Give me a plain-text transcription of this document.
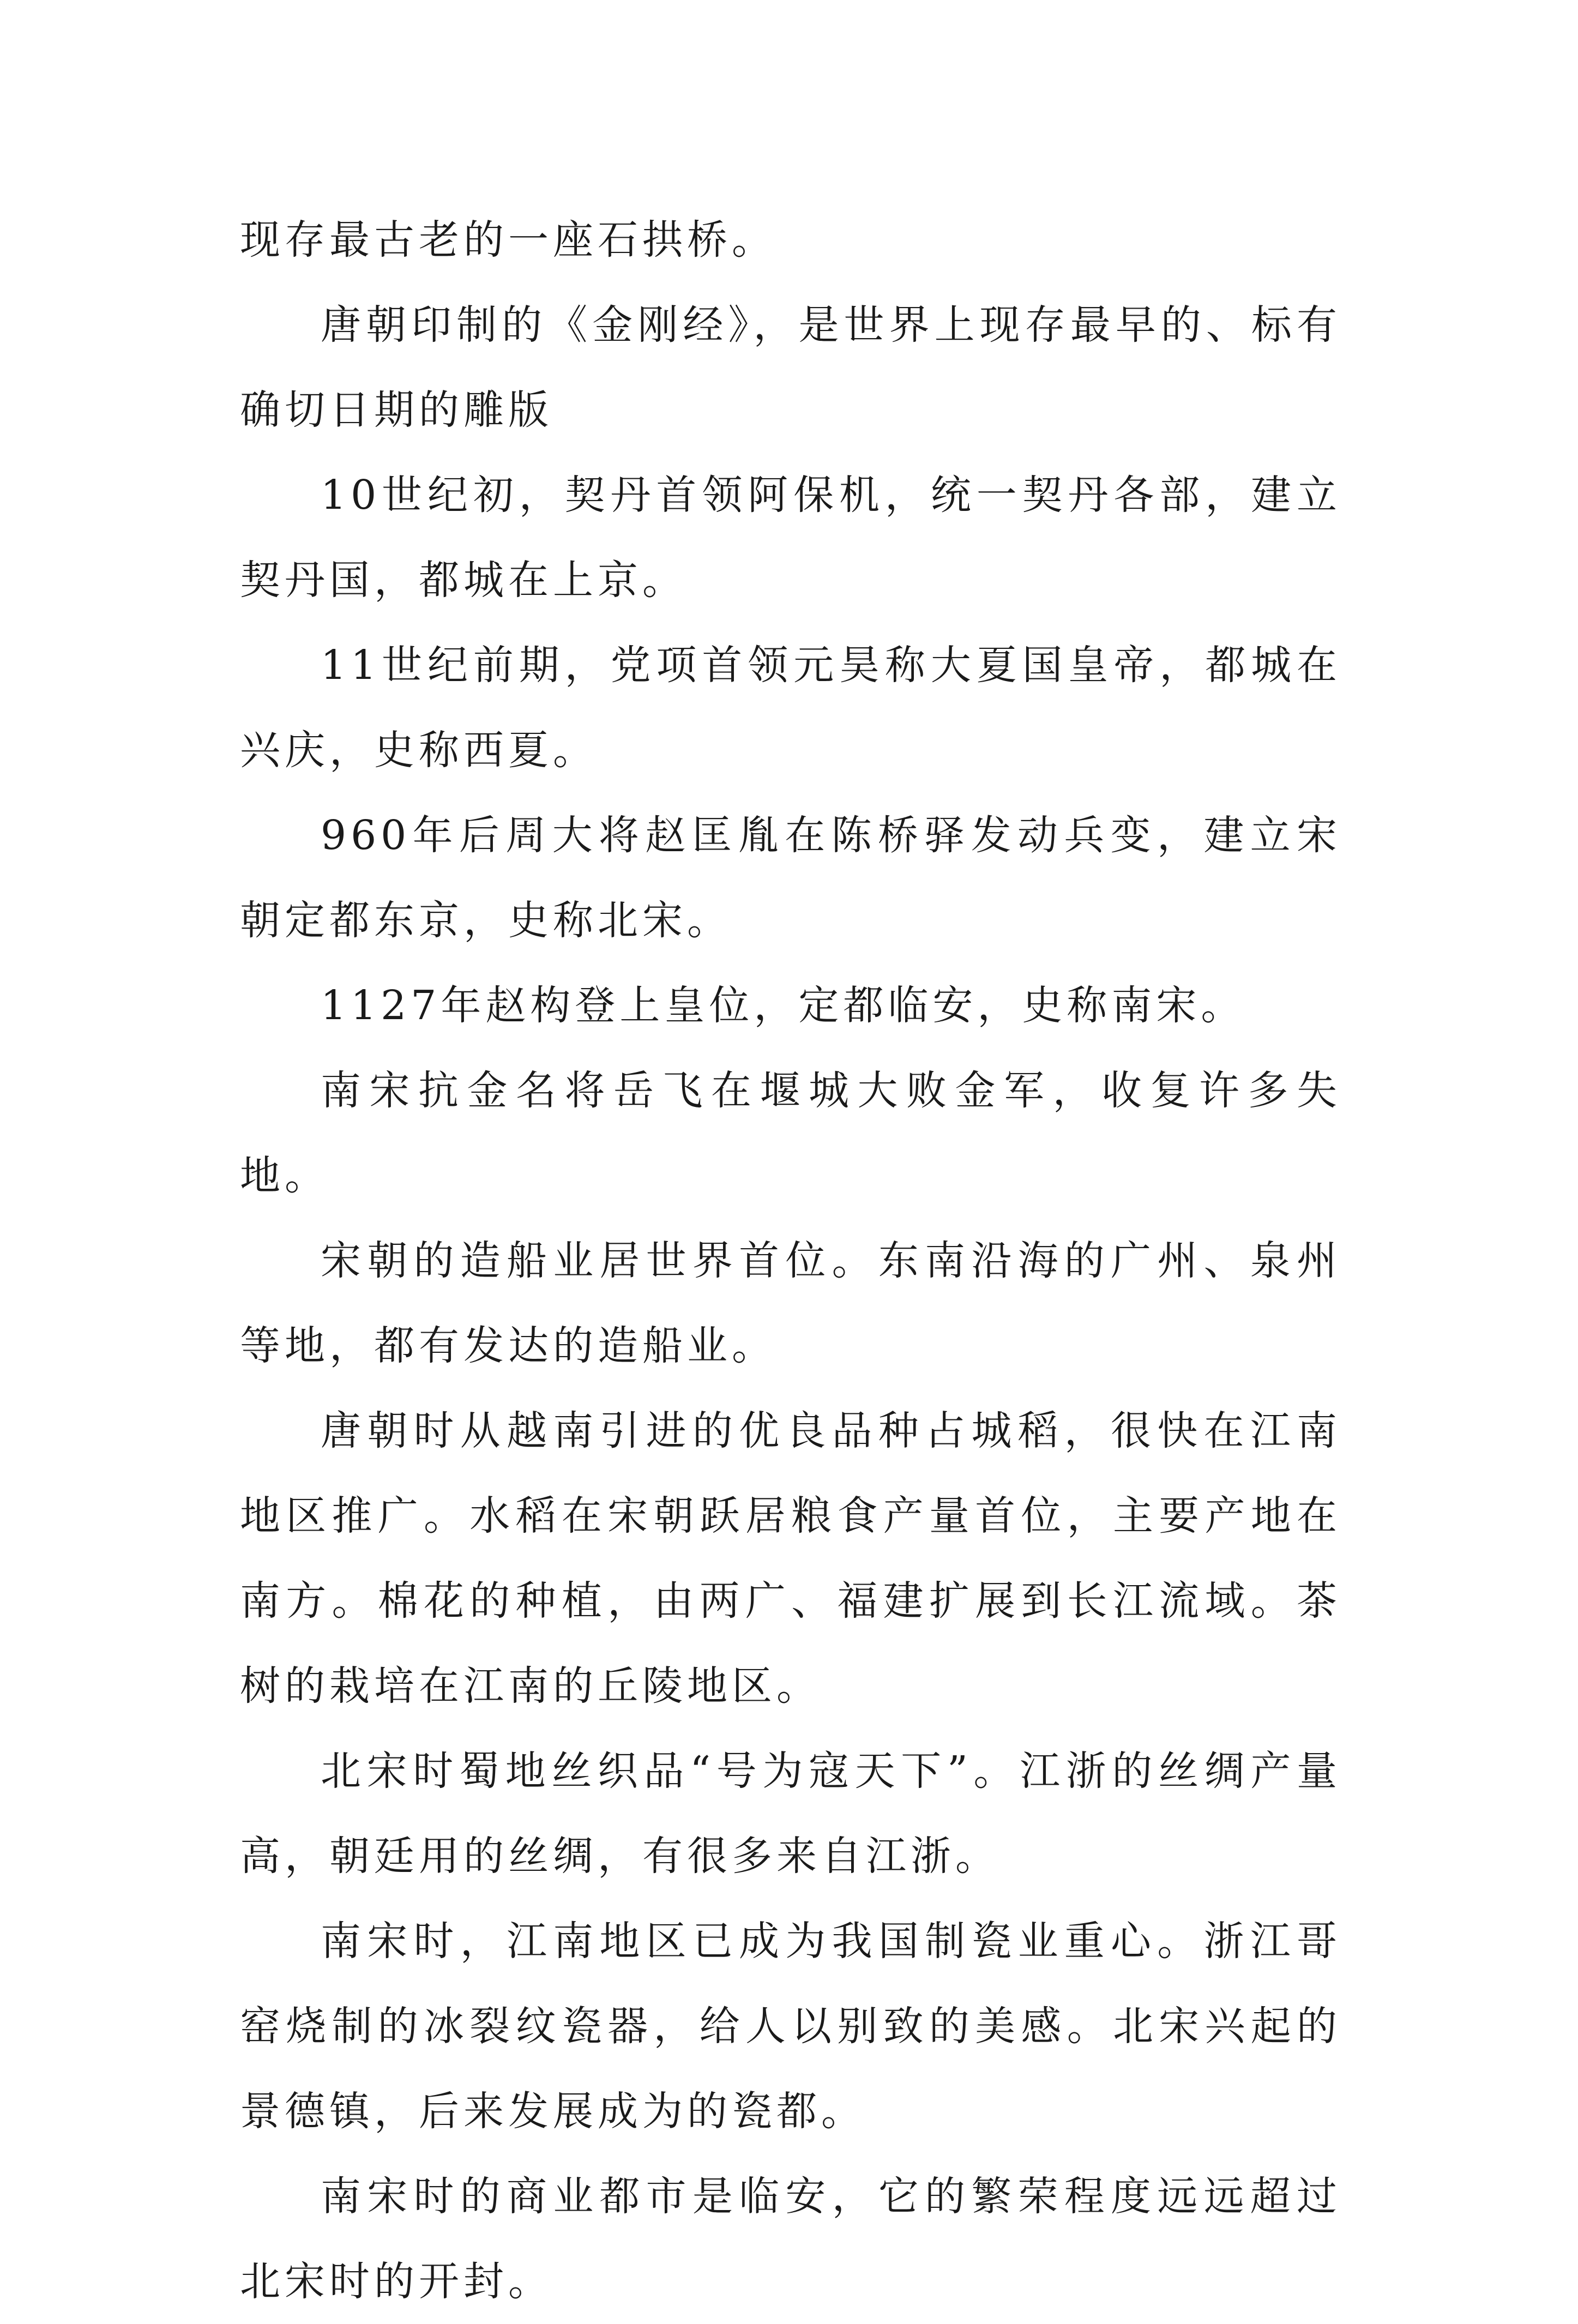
现存最古老的一座石拱桥。

唐朝印制的《金刚经》，是世界上现存最早的、标有确切日期的雕版

10世纪初，契丹首领阿保机，统一契丹各部，建立契丹国，都城在上京。

11世纪前期，党项首领元昊称大夏国皇帝，都城在兴庆，史称西夏。

960年后周大将赵匡胤在陈桥驿发动兵变，建立宋朝定都东京，史称北宋。

1127年赵构登上皇位，定都临安，史称南宋。

南宋抗金名将岳飞在堰城大败金军，收复许多失地。

宋朝的造船业居世界首位。东南沿海的广州、泉州等地，都有发达的造船业。

唐朝时从越南引进的优良品种占城稻，很快在江南地区推广。水稻在宋朝跃居粮食产量首位，主要产地在南方。棉花的种植，由两广、福建扩展到长江流域。茶树的栽培在江南的丘陵地区。

北宋时蜀地丝织品“号为寇天下”。江浙的丝绸产量高，朝廷用的丝绸，有很多来自江浙。

南宋时，江南地区已成为我国制瓷业重心。浙江哥窑烧制的冰裂纹瓷器，给人以别致的美感。北宋兴起的景德镇，后来发展成为的瓷都。

南宋时的商业都市是临安，它的繁荣程度远远超过北宋时的开封。
